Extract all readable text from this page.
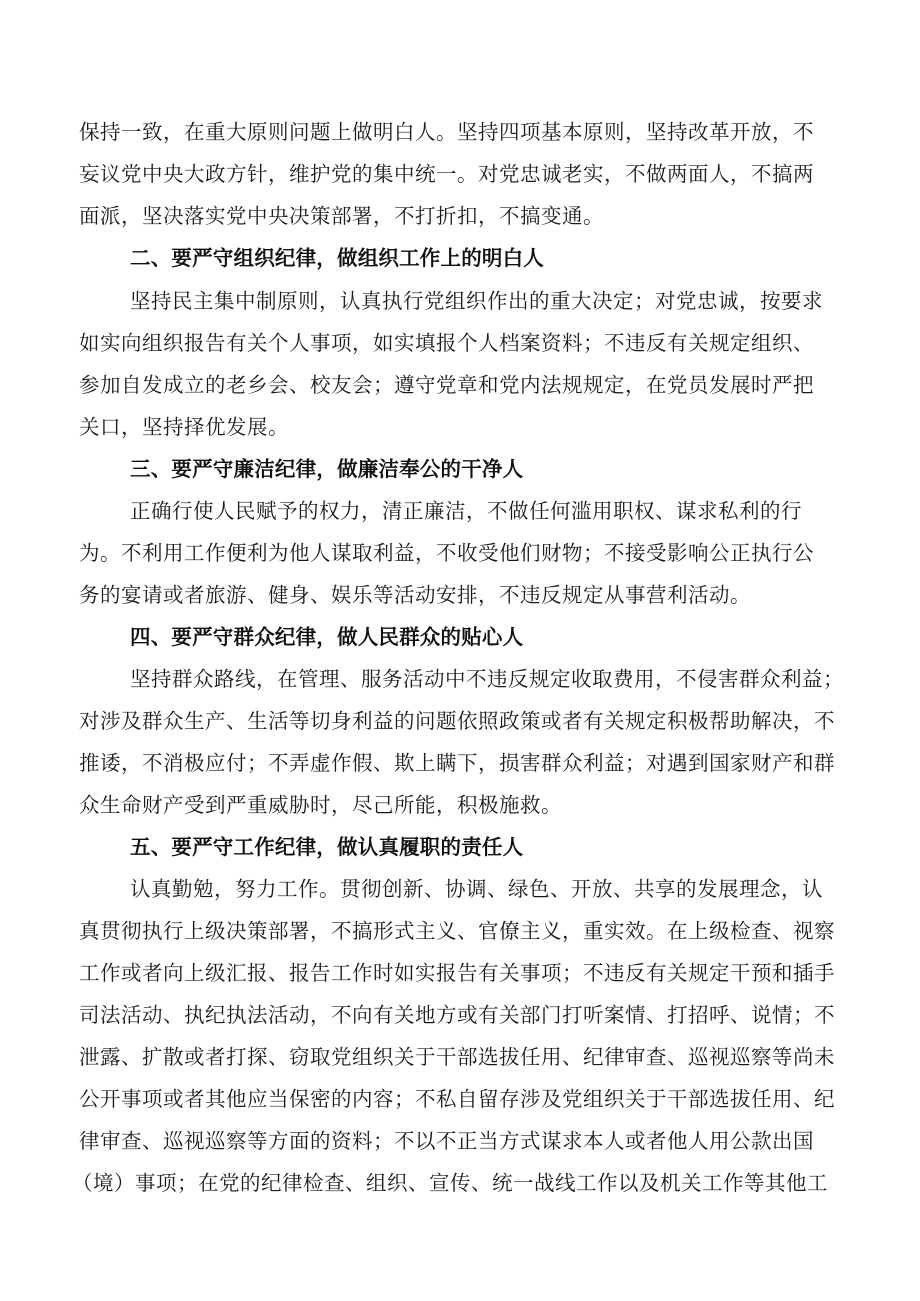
保持一致，在重大原则问题上做明白人。坚持四项基本原则，坚持改革开放，不
妄议党中央大政方针，维护党的集中统一。对党忠诚老实，不做两面人，不搞两
面派，坚决落实党中央决策部署，不打折扣，不搞变通。
二、要严守组织纪律，做组织工作上的明白人
坚持民主集中制原则，认真执行党组织作出的重大决定；对党忠诚，按要求
如实向组织报告有关个人事项，如实填报个人档案资料；不违反有关规定组织、
参加自发成立的老乡会、校友会；遵守党章和党内法规规定，在党员发展时严把
关口，坚持择优发展。
三、要严守廉洁纪律，做廉洁奉公的干净人
正确行使人民赋予的权力，清正廉洁，不做任何滥用职权、谋求私利的行
为。不利用工作便利为他人谋取利益，不收受他们财物；不接受影响公正执行公
务的宴请或者旅游、健身、娱乐等活动安排，不违反规定从事营利活动。
四、要严守群众纪律，做人民群众的贴心人
坚持群众路线，在管理、服务活动中不违反规定收取费用，不侵害群众利益；
对涉及群众生产、生活等切身利益的问题依照政策或者有关规定积极帮助解决，不
推诿，不消极应付；不弄虚作假、欺上瞒下，损害群众利益；对遇到国家财产和群
众生命财产受到严重威胁时，尽己所能，积极施救。
五、要严守工作纪律，做认真履职的责任人
认真勤勉，努力工作。贯彻创新、协调、绿色、开放、共享的发展理念，认
真贯彻执行上级决策部署，不搞形式主义、官僚主义，重实效。在上级检查、视察
工作或者向上级汇报、报告工作时如实报告有关事项；不违反有关规定干预和插手
司法活动、执纪执法活动，不向有关地方或有关部门打听案情、打招呼、说情；不
泄露、扩散或者打探、窃取党组织关于干部选拔任用、纪律审查、巡视巡察等尚未
公开事项或者其他应当保密的内容；不私自留存涉及党组织关于干部选拔任用、纪
律审查、巡视巡察等方面的资料；不以不正当方式谋求本人或者他人用公款出国
（境）事项；在党的纪律检查、组织、宣传、统一战线工作以及机关工作等其他工
